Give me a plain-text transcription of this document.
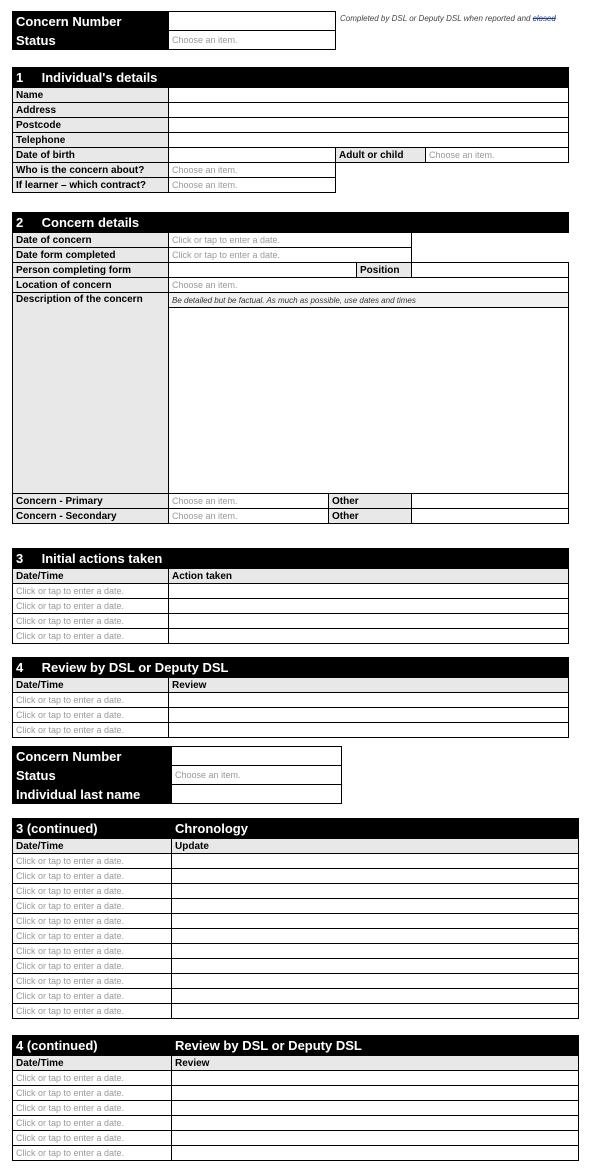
Concern Number	
Status	Choose an item.
Completed by DSL or Deputy DSL when reported and closed
1 Individual's details			
Name			
Address			
Postcode			
Telephone			
Date of birth		Adult or child	Choose an item.
Who is the concern about?	Choose an item.		
If learner – which contract?	Choose an item.		
2 Concern details				
Date of concern	Click or tap to enter a date.			
Date form completed	Click or tap to enter a date.			
Person completing form			Position	
Location of concern	Choose an item.			
Description of the concern	Be detailed but be factual. As much as possible, use dates and times			

Concern - Primary	Choose an item.	Other		
Concern - Secondary	Choose an item.	Other		
3 Initial actions taken	
Date/Time	Action taken
Click or tap to enter a date.	
Click or tap to enter a date.	
Click or tap to enter a date.	
Click or tap to enter a date.	
4 Review by DSL or Deputy DSL	
Date/Time	Review
Click or tap to enter a date.	
Click or tap to enter a date.	
Click or tap to enter a date.	
Concern Number	
Status	Choose an item.
Individual last name	
3 (continued)	Chronology
Date/Time	Update
Click or tap to enter a date.	
Click or tap to enter a date.	
Click or tap to enter a date.	
Click or tap to enter a date.	
Click or tap to enter a date.	
Click or tap to enter a date.	
Click or tap to enter a date.	
Click or tap to enter a date.	
Click or tap to enter a date.	
Click or tap to enter a date.	
Click or tap to enter a date.	
4 (continued)	Review by DSL or Deputy DSL
Date/Time	Review
Click or tap to enter a date.	
Click or tap to enter a date.	
Click or tap to enter a date.	
Click or tap to enter a date.	
Click or tap to enter a date.	
Click or tap to enter a date.	
